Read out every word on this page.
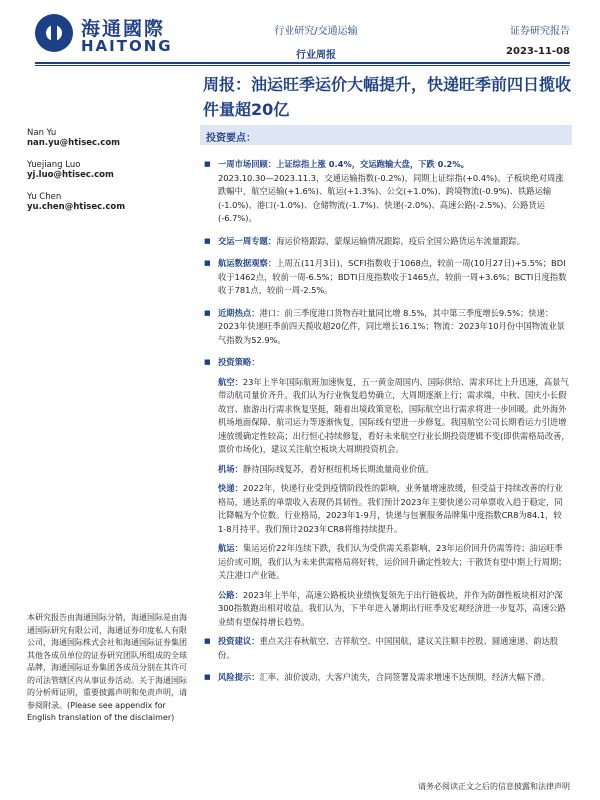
海通國際
HAITONG
行业研究/交通运输
行业周报
证券研究报告
2023-11-08
周报：油运旺季运价大幅提升，快递旺季前四日揽收件量超20亿
Nan Yu
nan.yu@htisec.com
Yuejiang Luo
yj.luo@htisec.com
Yu Chen
yu.chen@htisec.com
本研究报告由海通国际分销，海通国际是由海通国际研究有限公司，海通证券印度私人有限公司，海通国际株式会社和海通国际证券集团其他各成员单位的证券研究团队所组成的全球品牌，海通国际证券集团各成员分别在其许可的司法管辖区内从事证券活动。关于海通国际的分析师证明，重要披露声明和免责声明，请参阅附录。(Please see appendix for English translation of the disclaimer)
投资要点：
■ 一周市场回顾：上证综指上涨 0.4%，交运跑输大盘，下跌 0.2%。
2023.10.30—2023.11.3，交通运输指数(-0.2%)，同期上证综指(+0.4%)。子板块绝对周涨跌幅中，航空运输(+1.6%)、航运(+1.3%)、公交(+1.0%)、跨境物流(-0.9%)、铁路运输(-1.0%)、港口(-1.0%)、仓储物流(-1.7%)、快递(-2.0%)、高速公路(-2.5%)、公路货运(-6.7%)。
■ 交运一周专题：海运价格跟踪，蒙煤运输情况跟踪，疫后全国公路货运车流量跟踪。
■ 航运数据观察：上周五(11月3日)，SCFI指数收于1068点，较前一周(10月27日)+5.5%；BDI收于1462点，较前一周-6.5%；BDTI日度指数收于1465点，较前一周+3.6%；BCTI日度指数收于781点，较前一周-2.5%。
■ 近期热点：港口：前三季度港口货物吞吐量同比增 8.5%，其中第三季度增长9.5%；快递：2023年快递旺季前四天揽收超20亿件，同比增长16.1%；物流：2023年10月份中国物流业景气指数为52.9%。
■ 投资策略：
航空：23年上半年国际航班加速恢复，五一黄金周国内、国际供给、需求环比上升迅速，高景气带动航司量价齐升。我们认为行业恢复趋势确立，大周期逐渐上行；需求端，中秋、国庆小长假故宫、旅游出行需求恢复坚挺，随着出境政策宽松，国际航空出行需求将进一步回暖。此外海外机场地面保障、航司运力等逐渐恢复，国际线有望进一步修复。我国航空公司长期看运力引进增速放缓确定性较高；出行恒心持续修复，看好未来航空行业长期投资逻辑不变(即供需格局改善，票价市场化)，建议关注航空板块大周期投资机会。
机场：静待国际线复苏，看好枢纽机场长期流量商业价值。
快递：2022年，快递行业受到疫情阶段性的影响，业务量增速放缓，但受益于持续改善的行业格局，通达系的单票收入表现仍具韧性。我们预计2023年主要快递公司单票收入趋于稳定，同比降幅为个位数。行业格局，2023年1-9月，快递与包裹服务品牌集中度指数CR8为84.1，较1-8月持平。我们预计2023年CR8将维持续提升。
航运：集运运价22年连续下跌，我们认为受供需关系影响，23年运价回升仍需等待；油运旺季运价或可期，我们认为未来供需格局将好转，运价回升确定性较大；干散货有望中期上行周期；关注港口产业链。
公路：2023年上半年，高速公路板块业绩恢复领先于出行链板块，并作为防御性板块相对沪深300指数跑出相对收益。我们认为，下半年进入暑期出行旺季及宏观经济进一步复苏，高速公路业绩有望保持增长趋势。
■ 投资建议：重点关注春秋航空、吉祥航空、中国国航，建议关注顺丰控股、圆通速递、韵达股份。
■ 风险提示：汇率、油价波动，大客户流失，合同签署及需求增速不达预期，经济大幅下滑。
请务必阅读正文之后的信息披露和法律声明
